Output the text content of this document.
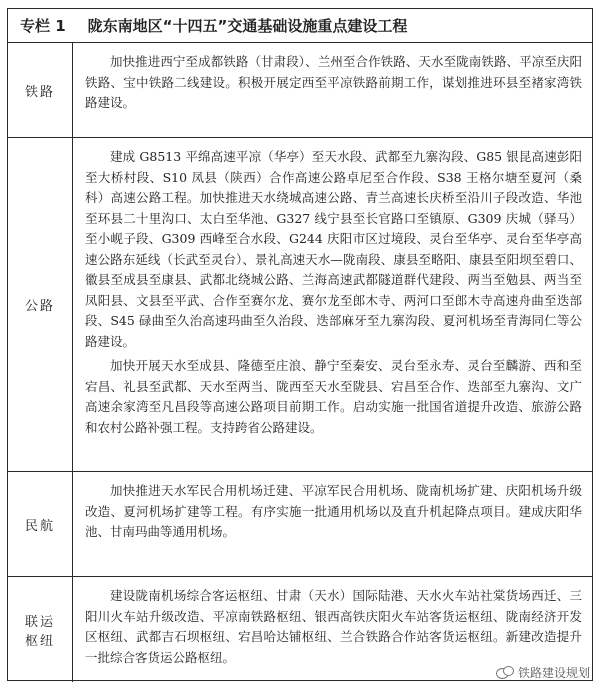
专栏 1 陇东南地区“十四五”交通基础设施重点建设工程
铁路

加快推进西宁至成都铁路（甘肃段）、兰州至合作铁路、天水至陇南铁路、平凉至庆阳铁路、宝中铁路二线建设。积极开展定西至平凉铁路前期工作，谋划推进环县至褚家湾铁路建设。

公路

建成 G8513 平绵高速平凉（华亭）至天水段、武都至九寨沟段、G85 银昆高速彭阳至大桥村段、S10 凤县（陕西）合作高速公路卓尼至合作段、S38 王格尔塘至夏河（桑科）高速公路工程。加快推进天水绕城高速公路、青兰高速长庆桥至沿川子段改造、华池至环县二十里沟口、太白至华池、G327 线宁县至长官路口至镇原、G309 庆城（驿马）至小岘子段、G309 西峰至合水段、G244 庆阳市区过境段、灵台至华亭、灵台至华亭高速公路东延线（长武至灵台）、景礼高速天水—陇南段、康县至略阳、康县至阳坝至碧口、徽县至成县至康县、武都北绕城公路、兰海高速武都隧道群代建段、两当至勉县、两当至凤阳县、文县至平武、合作至赛尔龙、赛尔龙至郎木寺、两河口至郎木寺高速舟曲至迭部段、S45 碌曲至久治高速玛曲至久治段、迭部麻牙至九寨沟段、夏河机场至青海同仁等公路建设。

加快开展天水至成县、隆德至庄浪、静宁至秦安、灵台至永寿、灵台至麟游、西和至宕昌、礼县至武都、天水至两当、陇西至天水至陇县、宕昌至合作、迭部至九寨沟、文广高速余家湾至凡昌段等高速公路项目前期工作。启动实施一批国省道提升改造、旅游公路和农村公路补强工程。支持跨省公路建设。

民航

加快推进天水军民合用机场迁建、平凉军民合用机场、陇南机场扩建、庆阳机场升级改造、夏河机场扩建等工程。有序实施一批通用机场以及直升机起降点项目。建成庆阳华池、甘南玛曲等通用机场。

联运
枢纽

建设陇南机场综合客运枢纽、甘肃（天水）国际陆港、天水火车站社棠货场西迁、三阳川火车站升级改造、平凉南铁路枢纽、银西高铁庆阳火车站客货运枢纽、陇南经济开发区枢纽、武都吉石坝枢纽、宕昌哈达铺枢纽、兰合铁路合作站客货运枢纽。新建改造提升一批综合客货运公路枢纽。

铁路建设规划
